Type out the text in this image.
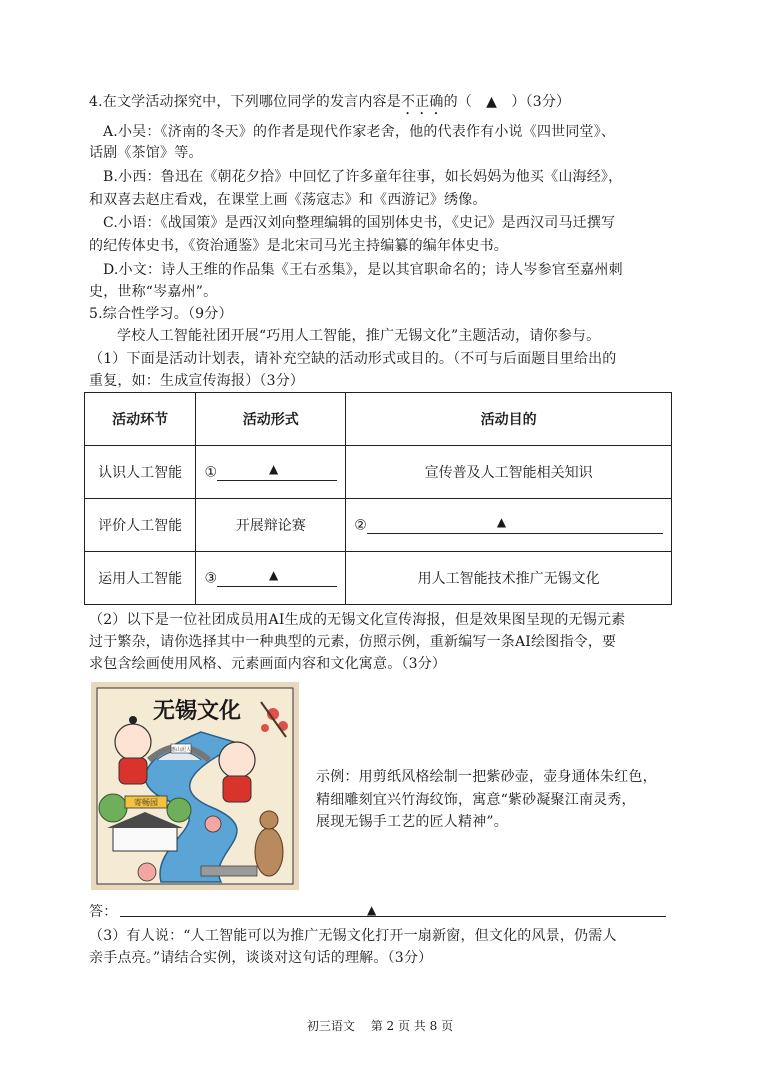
4.在文学活动探究中，下列哪位同学的发言内容是不正确的（　▲　）（3分）
A.小吴：《济南的冬天》的作者是现代作家老舍，他的代表作有小说《四世同堂》、
话剧《茶馆》等。
B.小西：鲁迅在《朝花夕拾》中回忆了许多童年往事，如长妈妈为他买《山海经》，
和双喜去赵庄看戏，在课堂上画《荡寇志》和《西游记》绣像。
C.小语：《战国策》是西汉刘向整理编辑的国别体史书，《史记》是西汉司马迁撰写
的纪传体史书，《资治通鉴》是北宋司马光主持编纂的编年体史书。
D.小文：诗人王维的作品集《王右丞集》，是以其官职命名的；诗人岑参官至嘉州刺
史，世称“岑嘉州”。
5.综合性学习。（9分）
学校人工智能社团开展“巧用人工智能，推广无锡文化”主题活动，请你参与。
（1）下面是活动计划表，请补充空缺的活动形式或目的。（不可与后面题目里给出的
重复，如：生成宣传海报）（3分）
活动环节	活动形式	活动目的
认识人工智能	① ▲	宣传普及人工智能相关知识
评价人工智能	开展辩论赛	② ▲

运用人工智能	③ ▲	用人工智能技术推广无锡文化
（2）以下是一位社团成员用AI生成的无锡文化宣传海报，但是效果图呈现的无锡元素
过于繁杂，请你选择其中一种典型的元素，仿照示例，重新编写一条AI绘图指令，要
求包含绘画使用风格、元素画面内容和文化寓意。（3分）
寄畅园
惠山泥人
无锡文化
示例：用剪纸风格绘制一把紫砂壶，壶身通体朱红色，
精细雕刻宜兴竹海纹饰，寓意“紫砂凝聚江南灵秀，
展现无锡手工艺的匠人精神”。
答：	▲
（3）有人说：“人工智能可以为推广无锡文化打开一扇新窗，但文化的风景，仍需人
亲手点亮。”请结合实例，谈谈对这句话的理解。（3分）
初三语文　 第 2 页 共 8 页
